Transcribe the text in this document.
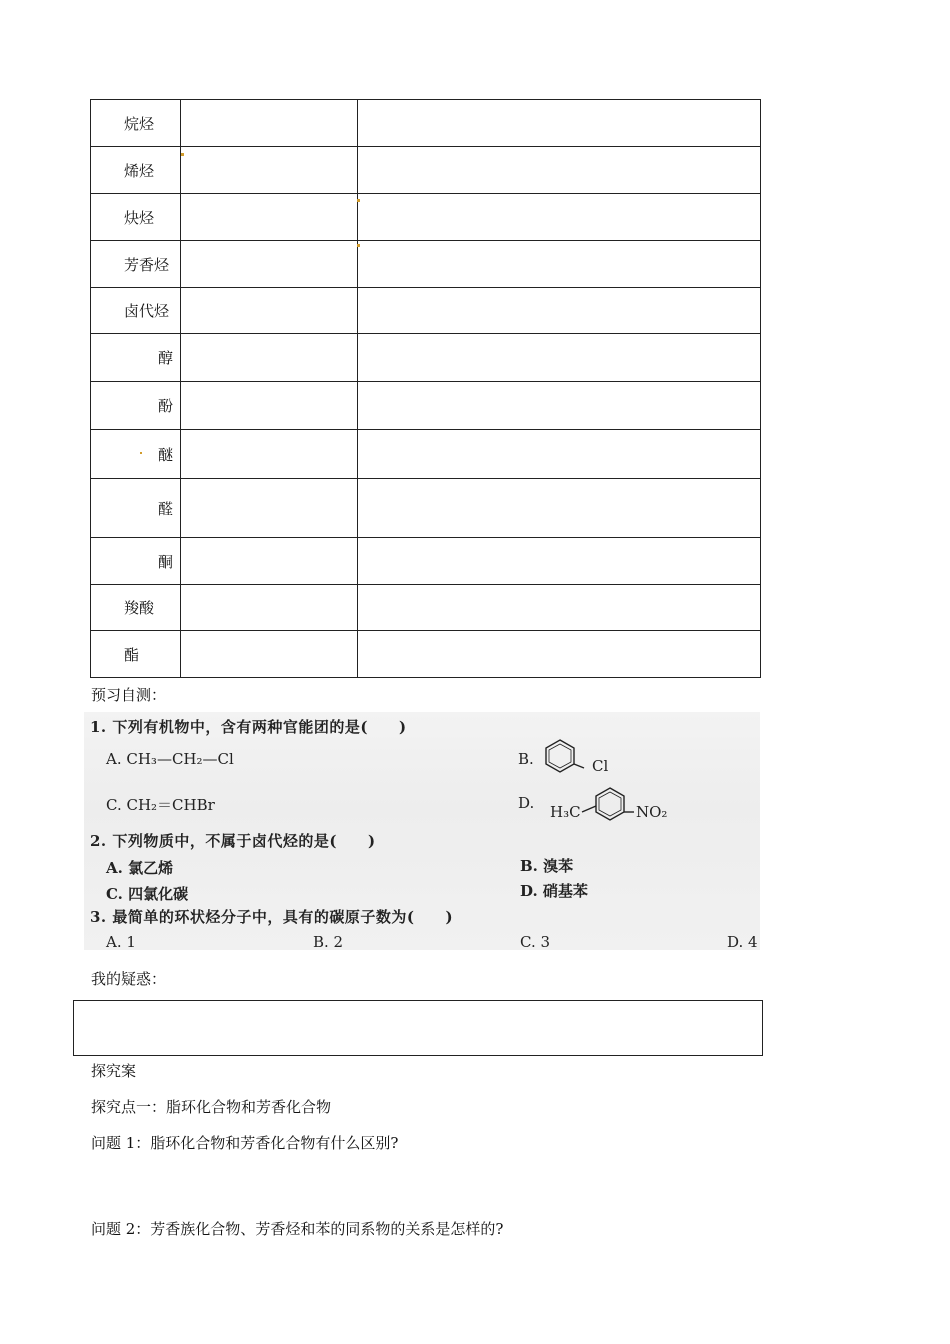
烷烃		

烯烃		

炔烃		

芳香烃		

卤代烃		

醇		

酚		

醚		

醛		

酮		

羧酸		

酯		

预习自测：
1. 下列有机物中，含有两种官能团的是(　　)
A. CH₃—CH₂—Cl	B.	Cl
C. CH₂＝CHBr	D. H₃C	NO₂
2. 下列物质中，不属于卤代烃的是(　　)
A. 氯乙烯	B. 溴苯
C. 四氯化碳	D. 硝基苯
3. 最简单的环状烃分子中，具有的碳原子数为(　　)
A. 1	B. 2	C. 3	D. 4
我的疑惑：
探究案
探究点一：脂环化合物和芳香化合物
问题 1：脂环化合物和芳香化合物有什么区别?
问题 2：芳香族化合物、芳香烃和苯的同系物的关系是怎样的?
